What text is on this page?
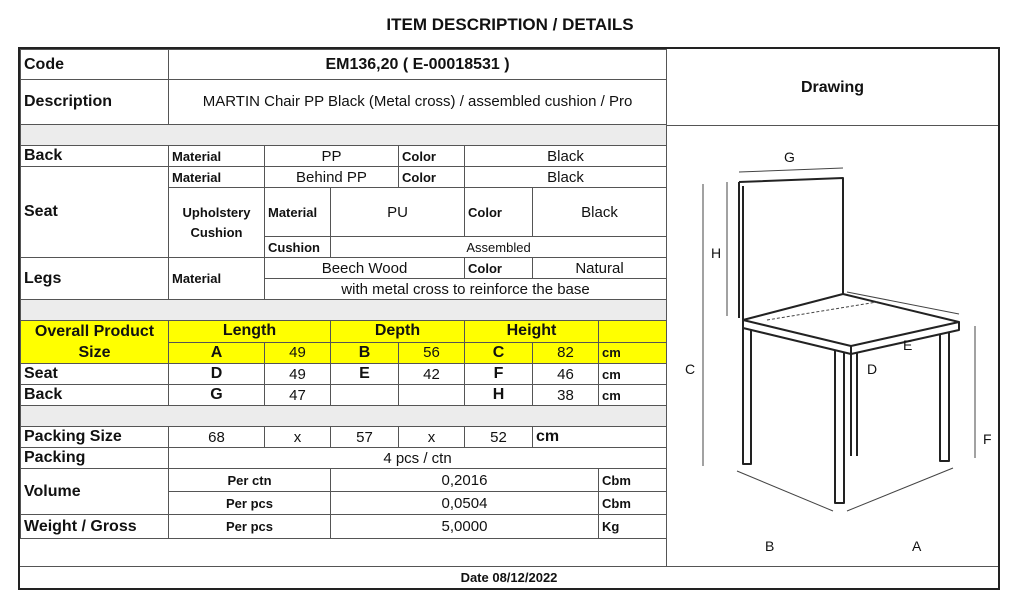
ITEM DESCRIPTION / DETAILS
Code	EM136,20 ( E-00018531 )						
Description	MARTIN Chair PP Black (Metal cross) / assembled cushion / Pro						

Back	Material	PP		Color	Black		
Seat	Material	Behind PP		Color	Black		
	Upholstery Cushion	Material	PU		Color	Black	
		Cushion	Assembled				
Legs	Material	Beech Wood			Color	Natural	
		with metal cross to reinforce the base					

Overall Product Size	Length		Depth		Height		
	A	49	B	56	C	82	cm
Seat	D	49	E	42	F	46	cm
Back	G	47			H	38	cm

Packing Size	68	x	57	x	52	cm	
Packing	4 pcs / ctn						
Volume	Per ctn		0,2016				Cbm
	Per pcs		0,0504				Cbm
Weight / Gross	Per pcs		5,0000				Kg
Drawing
G
H
C
F
E
D
B	A
Date 08/12/2022
